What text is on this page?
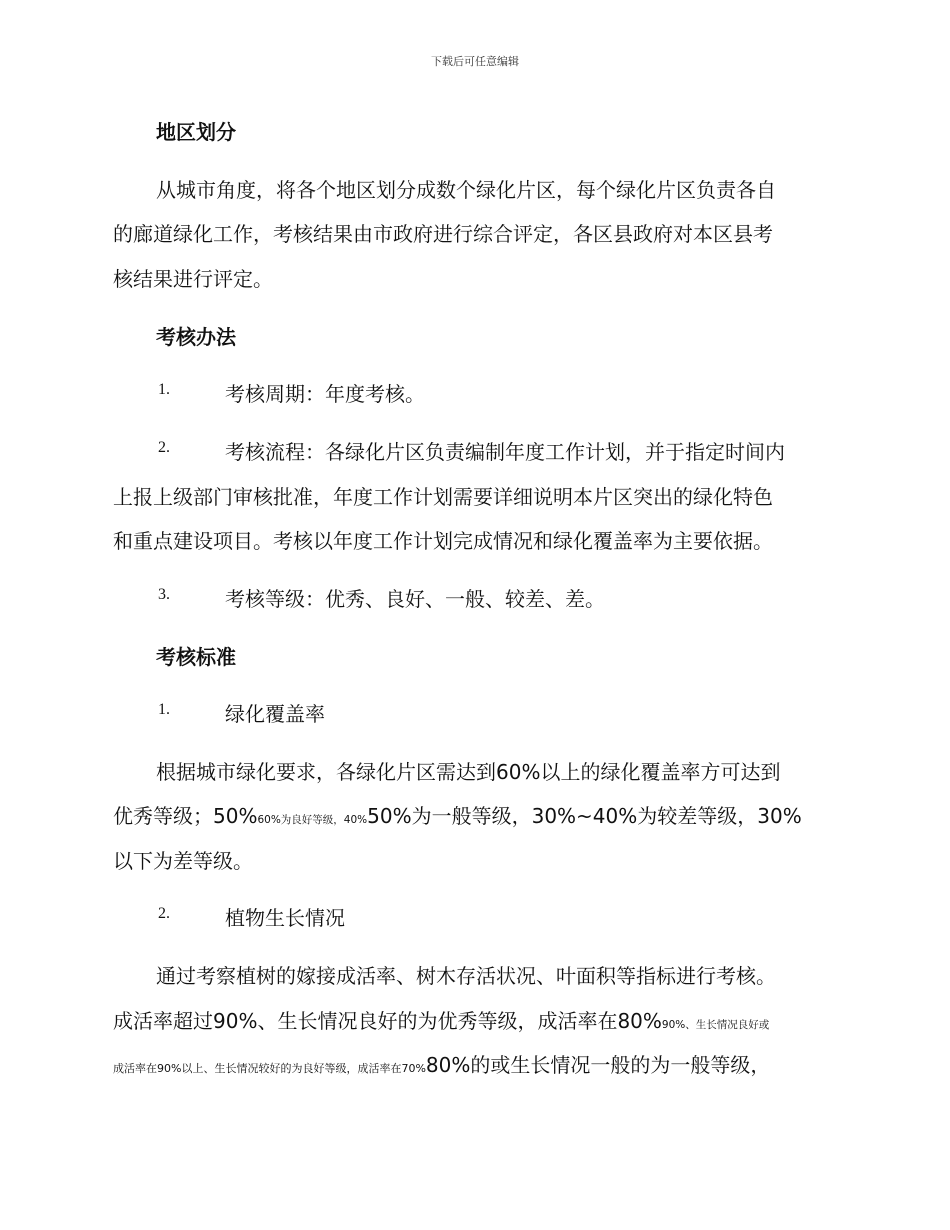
下载后可任意编辑
地区划分
从城市角度，将各个地区划分成数个绿化片区，每个绿化片区负责各自
的廊道绿化工作，考核结果由市政府进行综合评定，各区县政府对本区县考
核结果进行评定。
考核办法
1.	考核周期：年度考核。
2.	考核流程：各绿化片区负责编制年度工作计划，并于指定时间内
上报上级部门审核批准，年度工作计划需要详细说明本片区突出的绿化特色
和重点建设项目。考核以年度工作计划完成情况和绿化覆盖率为主要依据。
3.	考核等级：优秀、良好、一般、较差、差。
考核标准
1.	绿化覆盖率
根据城市绿化要求，各绿化片区需达到60%以上的绿化覆盖率方可达到
优秀等级；50%60%为良好等级，40%50%为一般等级，30%~40%为较差等级，30%
以下为差等级。
2.	植物生长情况
通过考察植树的嫁接成活率、树木存活状况、叶面积等指标进行考核。
成活率超过90%、生长情况良好的为优秀等级，成活率在80%90%、生长情况良好或
成活率在90%以上、生长情况较好的为良好等级，成活率在70%80%的或生长情况一般的为一般等级，
